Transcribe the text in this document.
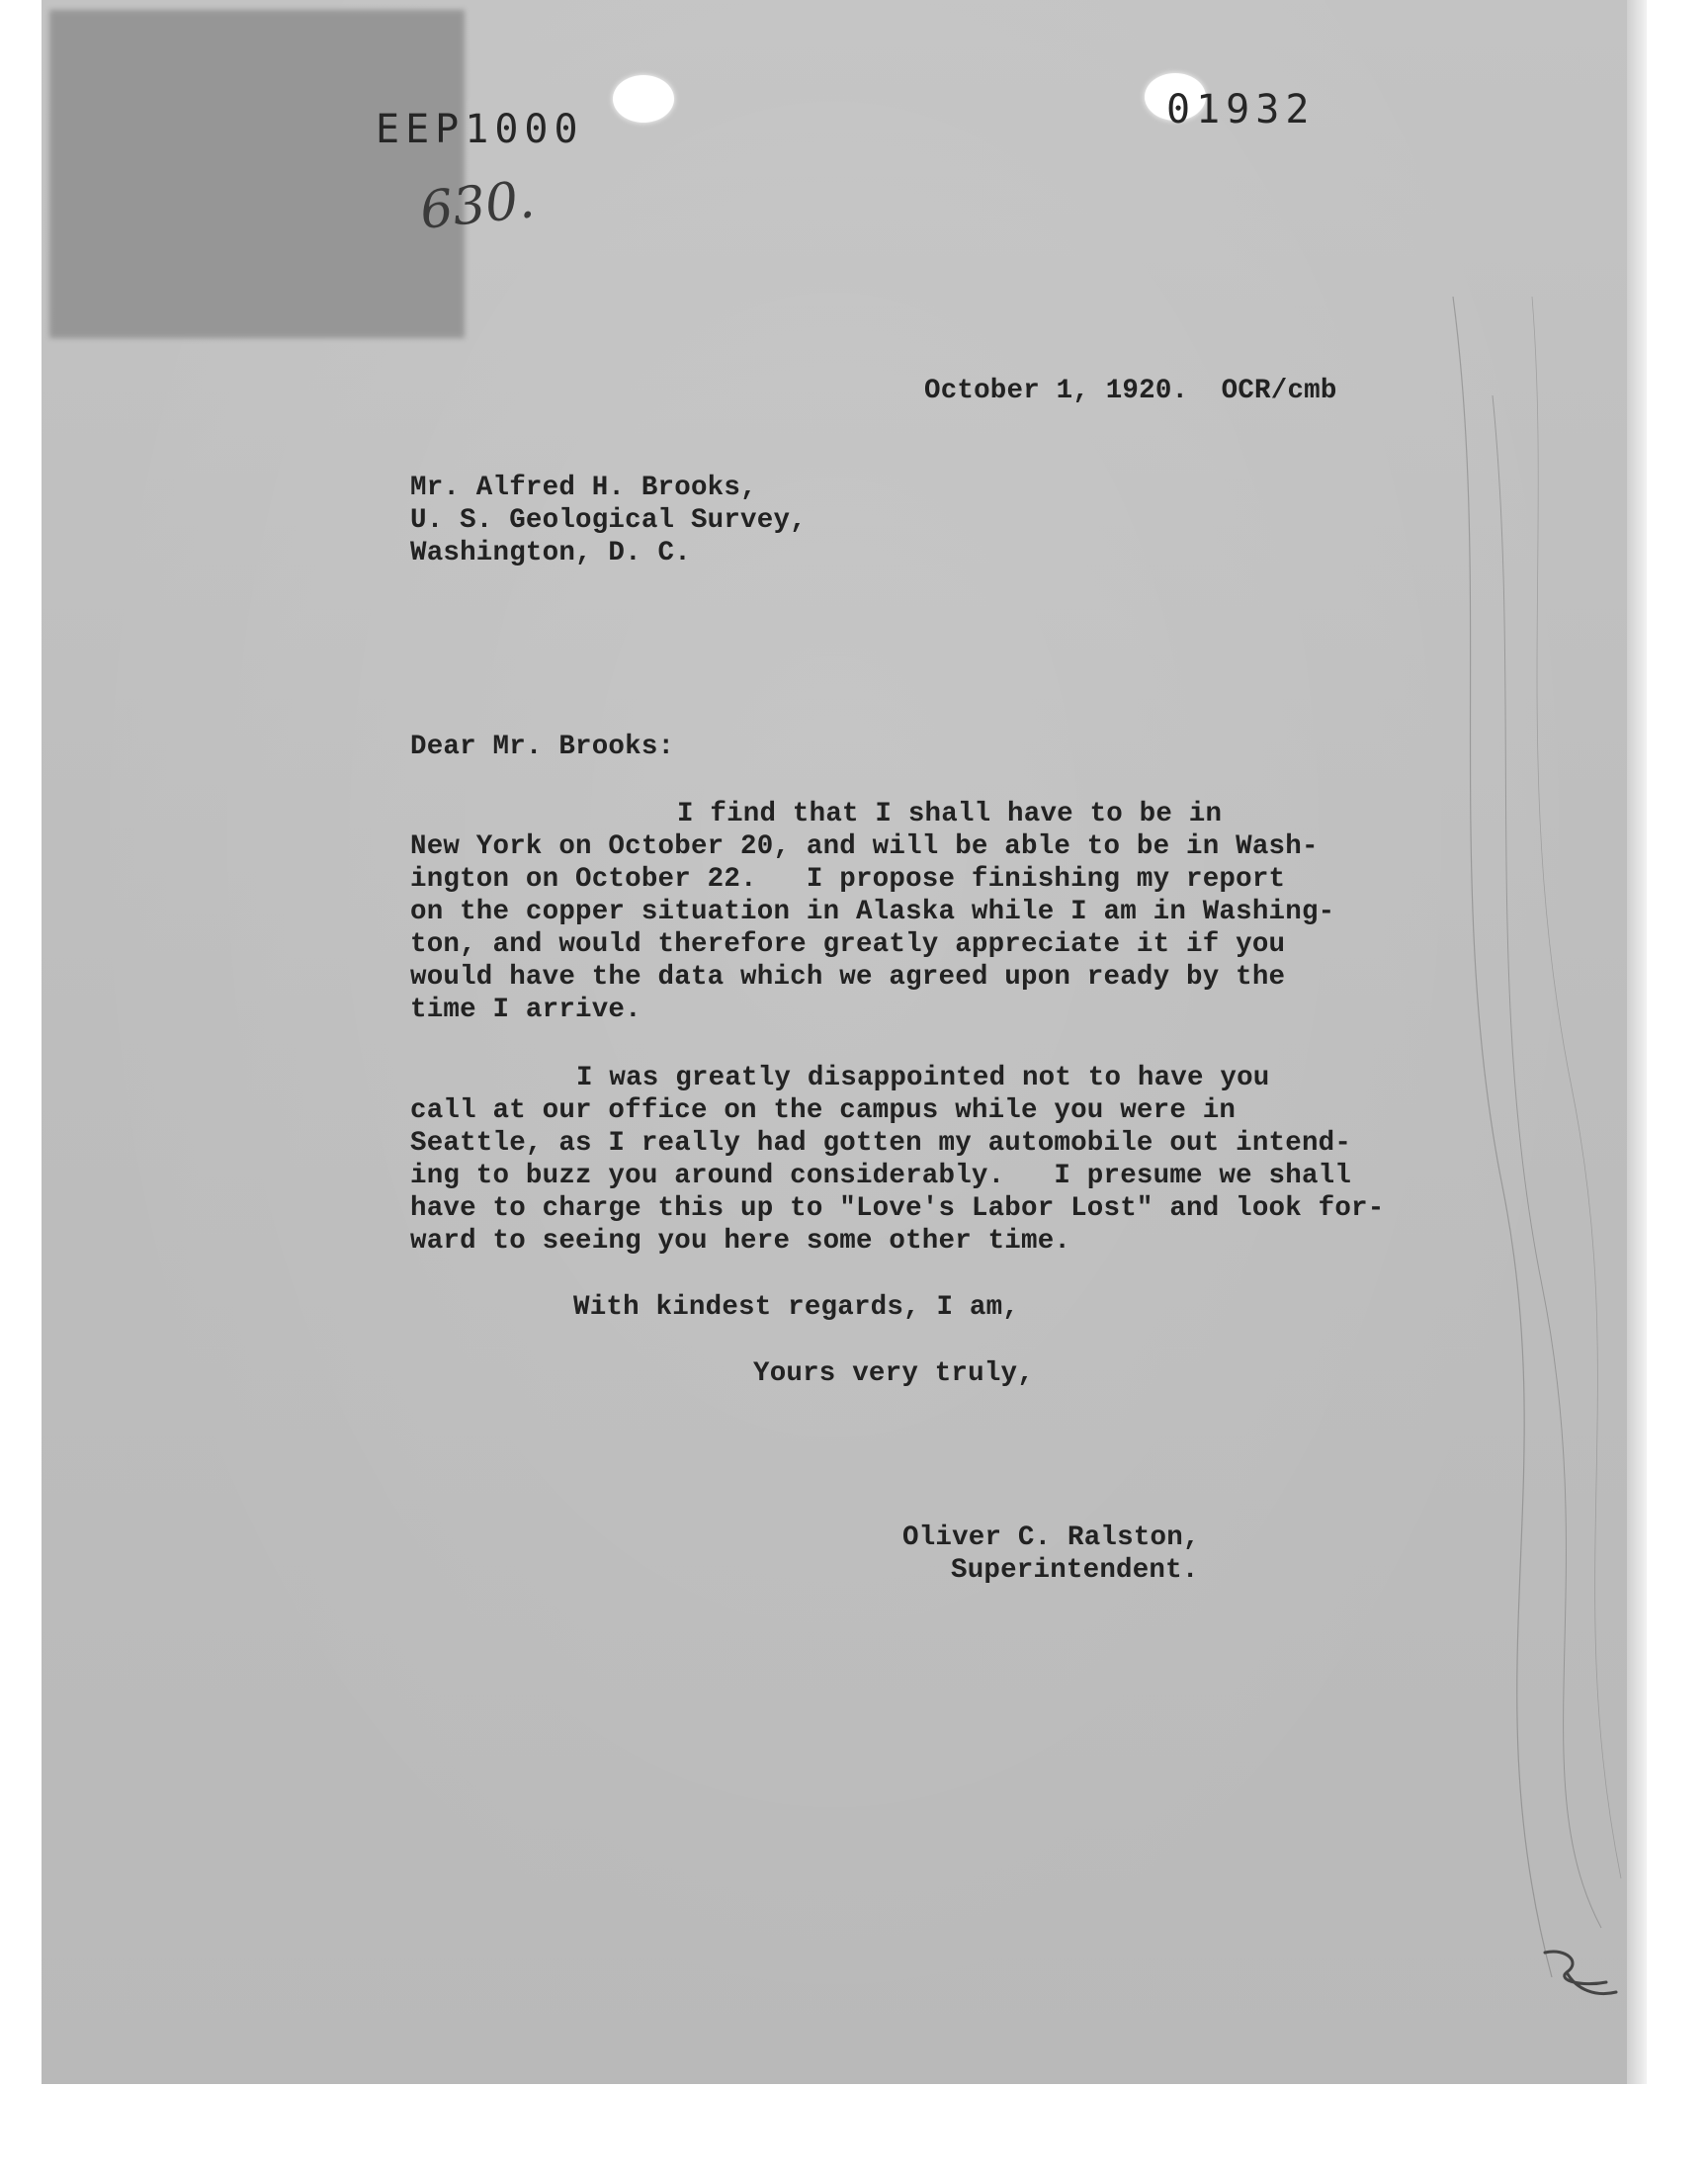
EEP1000	01932
630.
October 1, 1920.  OCR/cmb
Mr. Alfred H. Brooks,
U. S. Geological Survey,
Washington, D. C.
Dear Mr. Brooks:
I find that I shall have to be in
New York on October 20, and will be able to be in Wash-
ington on October 22.   I propose finishing my report
on the copper situation in Alaska while I am in Washing-
ton, and would therefore greatly appreciate it if you
would have the data which we agreed upon ready by the
time I arrive.
I was greatly disappointed not to have you
call at our office on the campus while you were in
Seattle, as I really had gotten my automobile out intend-
ing to buzz you around considerably.   I presume we shall
have to charge this up to "Love's Labor Lost" and look for-
ward to seeing you here some other time.
With kindest regards, I am,
Yours very truly,
Oliver C. Ralston,
Superintendent.
